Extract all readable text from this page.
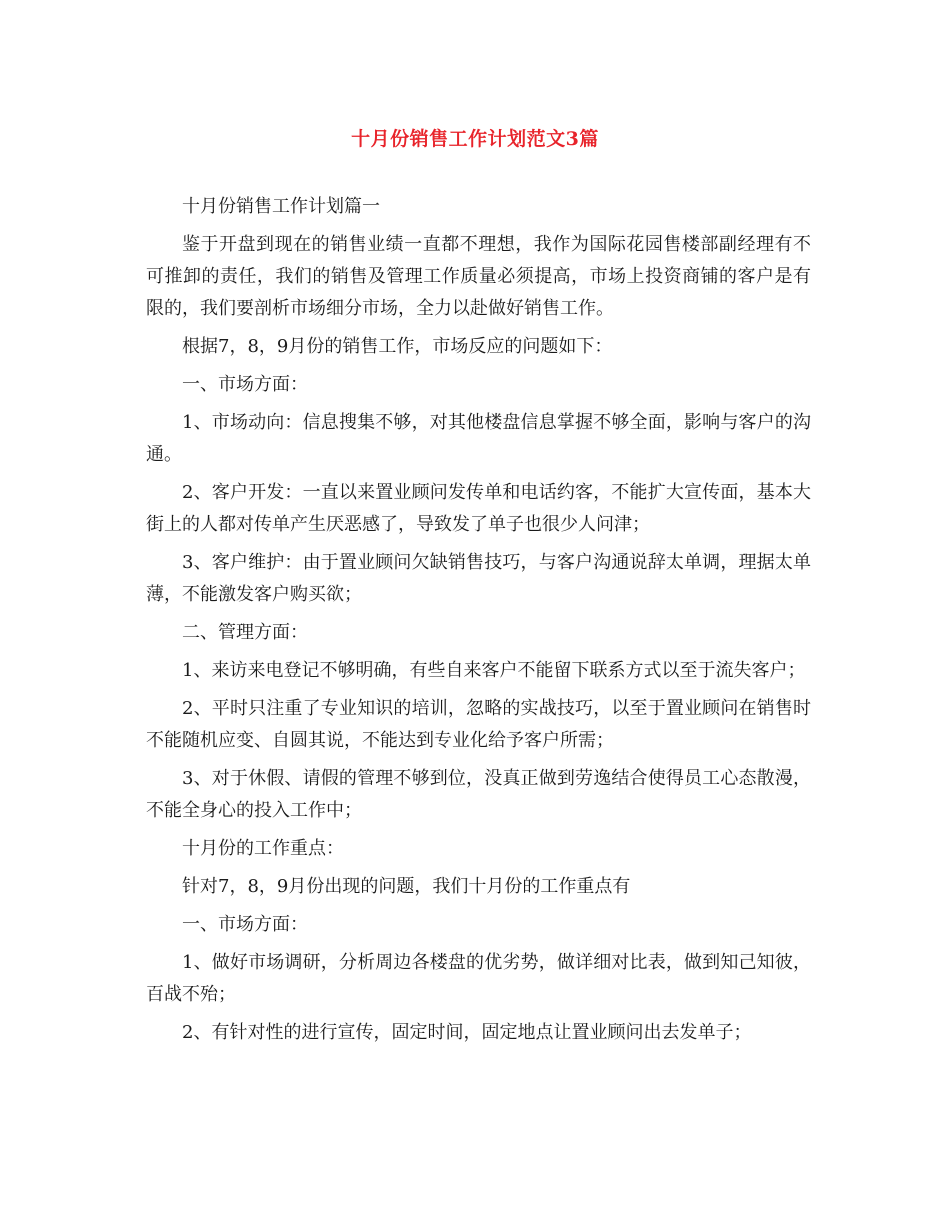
十月份销售工作计划范文3篇

十月份销售工作计划篇一

鉴于开盘到现在的销售业绩一直都不理想，我作为国际花园售楼部副经理有不可推卸的责任，我们的销售及管理工作质量必须提高，市场上投资商铺的客户是有限的，我们要剖析市场细分市场，全力以赴做好销售工作。

根据7，8，9月份的销售工作，市场反应的问题如下：

一、市场方面：

1、市场动向：信息搜集不够，对其他楼盘信息掌握不够全面，影响与客户的沟通。

2、客户开发：一直以来置业顾问发传单和电话约客，不能扩大宣传面，基本大街上的人都对传单产生厌恶感了，导致发了单子也很少人问津；

3、客户维护：由于置业顾问欠缺销售技巧，与客户沟通说辞太单调，理据太单薄，不能激发客户购买欲；

二、管理方面：

1、来访来电登记不够明确，有些自来客户不能留下联系方式以至于流失客户；

2、平时只注重了专业知识的培训，忽略的实战技巧，以至于置业顾问在销售时不能随机应变、自圆其说，不能达到专业化给予客户所需；

3、对于休假、请假的管理不够到位，没真正做到劳逸结合使得员工心态散漫，不能全身心的投入工作中；

十月份的工作重点：

针对7，8，9月份出现的问题，我们十月份的工作重点有

一、市场方面：

1、做好市场调研，分析周边各楼盘的优劣势，做详细对比表，做到知己知彼，百战不殆；

2、有针对性的进行宣传，固定时间，固定地点让置业顾问出去发单子；
